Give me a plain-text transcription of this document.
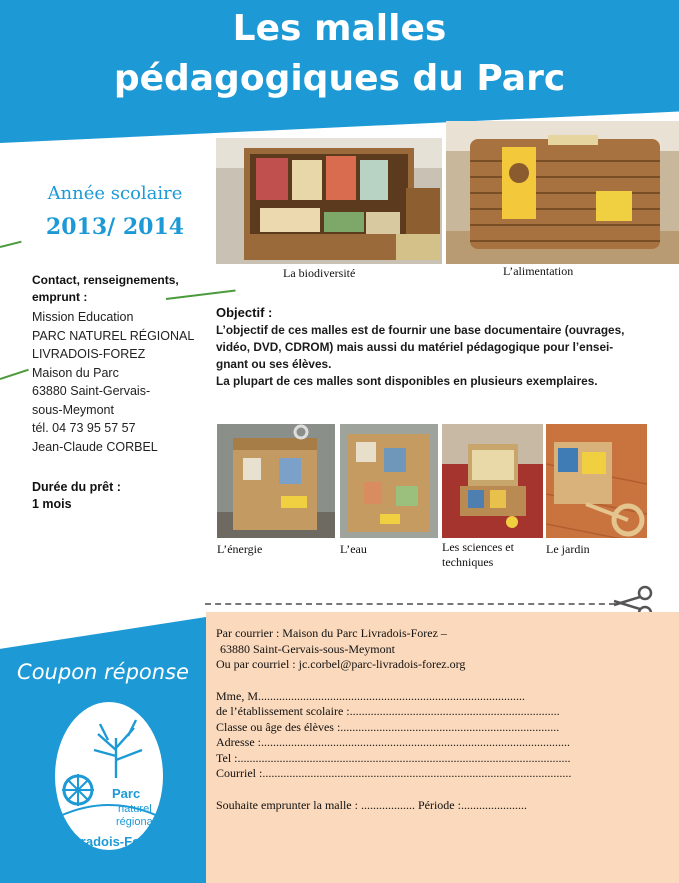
Les malles
pédagogiques du Parc
Année scolaire
2013/ 2014
Contact, renseignements,
emprunt :
Mission Education
PARC NATUREL RÉGIONAL
LIVRADOIS-FOREZ
Maison du Parc
63880 Saint-Gervais-
sous-Meymont
tél. 04 73 95 57 57
Jean-Claude CORBEL
Durée du prêt :
1 mois
La biodiversité	L’alimentation
Objectif :
L’objectif de ces malles est de fournir une base documentaire (ouvrages,
vidéo, DVD, CDROM) mais aussi du matériel pédagogique pour l’ensei-
gnant ou ses élèves.
La plupart de ces malles sont disponibles en plusieurs exemplaires.
L’énergie	L’eau	Les sciences et
techniques
Le jardin
Coupon réponse
Par courrier : Maison du Parc Livradois-Forez –
63880 Saint-Gervais-sous-Meymont
Ou par courriel : jc.corbel@parc-livradois-forez.org
Mme, M.........................................................................................
de l’établissement scolaire :......................................................................
Classe ou âge des élèves :.........................................................................
Adresse :.......................................................................................................
Tel :...............................................................................................................
Courriel :.......................................................................................................
Souhaite emprunter la malle : .................. Période :......................
Parc
naturel
régional
Livradois-Forez
